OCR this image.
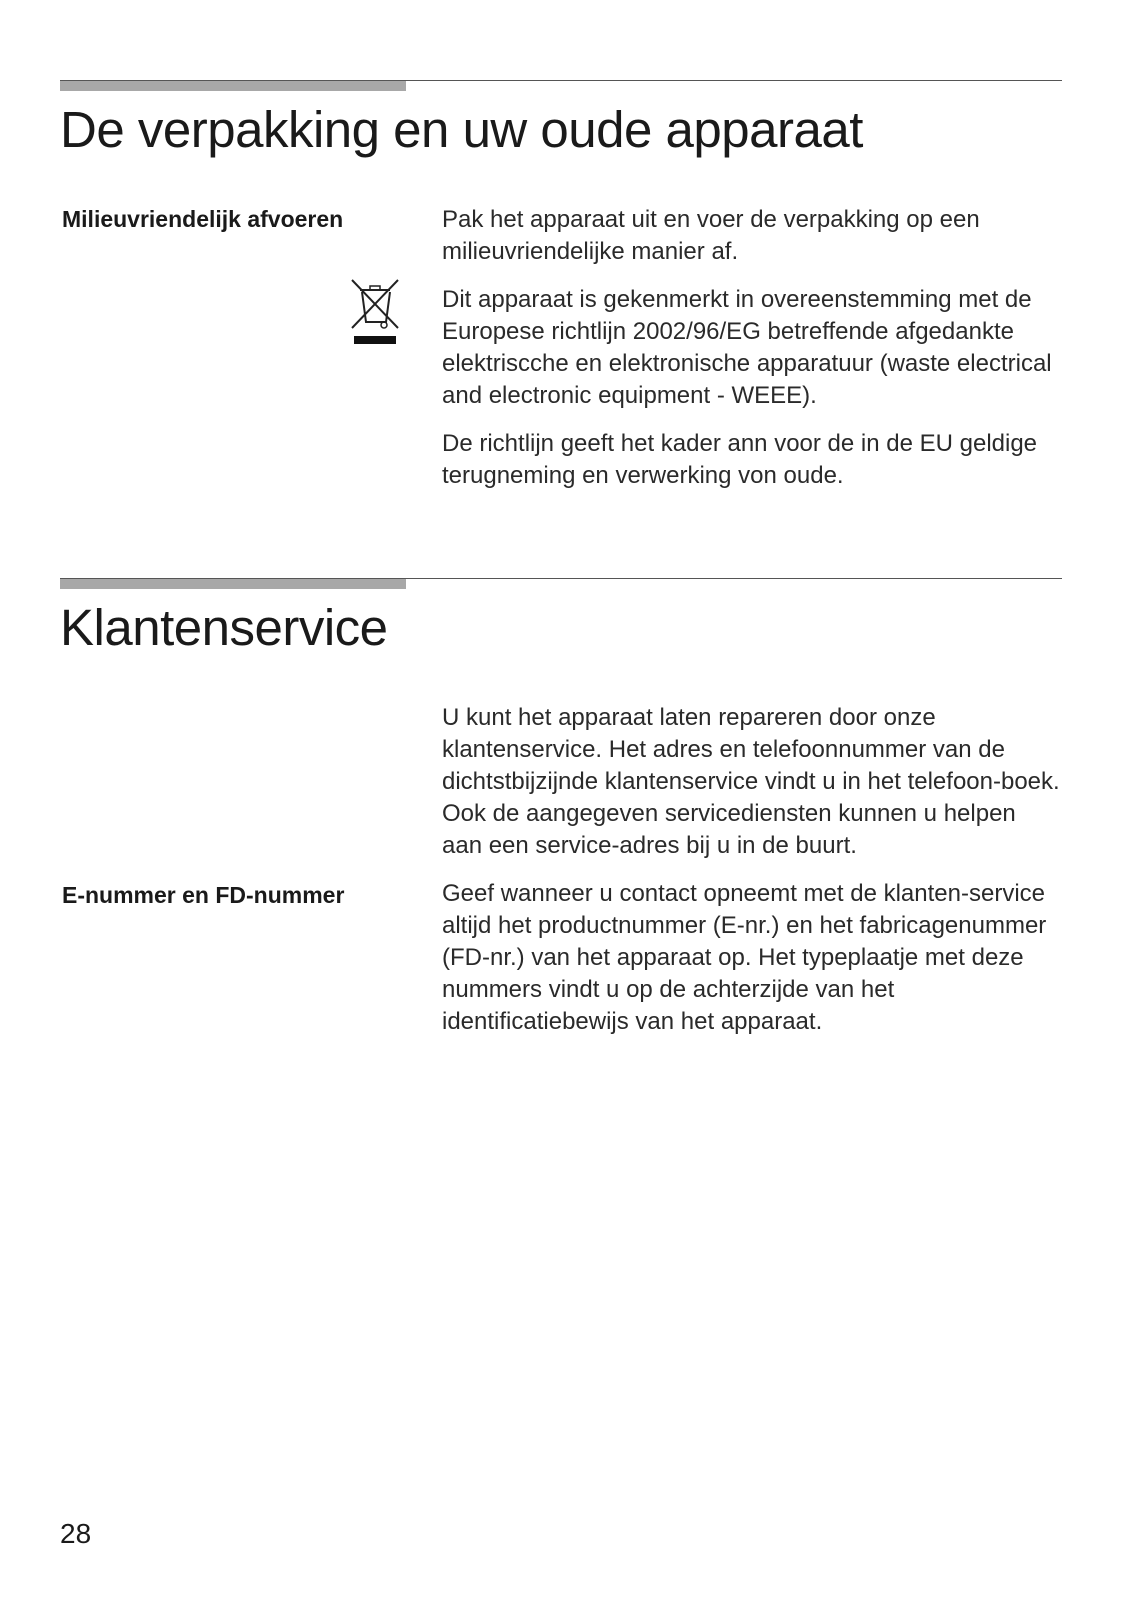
De verpakking en uw oude apparaat
Milieuvriendelijk afvoeren	Pak het apparaat uit en voer de verpakking op een milieuvriendelijke manier af.

Dit apparaat is gekenmerkt in overeenstemming met de Europese richtlijn 2002/96/EG betreffende afgedankte elektriscche en elektronische apparatuur (waste electrical and electronic equipment - WEEE).

De richtlijn geeft het kader ann voor de in de EU geldige terugneming en verwerking von oude.

Klantenservice

U kunt het apparaat laten repareren door onze klantenservice. Het adres en telefoonnummer van de dichtstbijzijnde klantenservice vindt u in het telefoon-boek. Ook de aangegeven servicediensten kunnen u helpen aan een service-adres bij u in de buurt.

E-nummer en FD-nummer	Geef wanneer u contact opneemt met de klanten-service altijd het productnummer (E-nr.) en het fabricagenummer (FD-nr.) van het apparaat op. Het typeplaatje met deze nummers vindt u op de achterzijde van het identificatiebewijs van het apparaat.

28
